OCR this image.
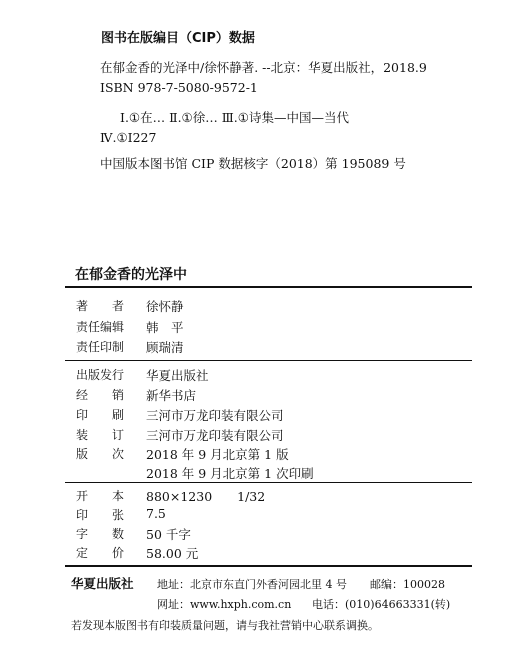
图书在版编目（CIP）数据
在郁金香的光泽中/徐怀静著. --北京：华夏出版社，2018.9
ISBN 978-7-5080-9572-1
Ⅰ.①在… Ⅱ.①徐… Ⅲ.①诗集—中国—当代
Ⅳ.①I227
中国版本图书馆 CIP 数据核字（2018）第 195089 号
在郁金香的光泽中
著　　者	徐怀静
责任编辑	韩　平
责任印制	顾瑞清
出版发行	华夏出版社
经　　销	新华书店
印　　刷	三河市万龙印装有限公司
装　　订	三河市万龙印装有限公司
版　　次	2018 年 9 月北京第 1 版
2018 年 9 月北京第 1 次印刷
开　　本	880×1230　　1/32
印　　张	7.5
字　　数	50 千字
定　　价	58.00 元
华夏出版社 地址：北京市东直门外香河园北里 4 号 邮编：100028
网址：www.hxph.com.cn 电话：(010)64663331(转)
若发现本版图书有印装质量问题，请与我社营销中心联系调换。
